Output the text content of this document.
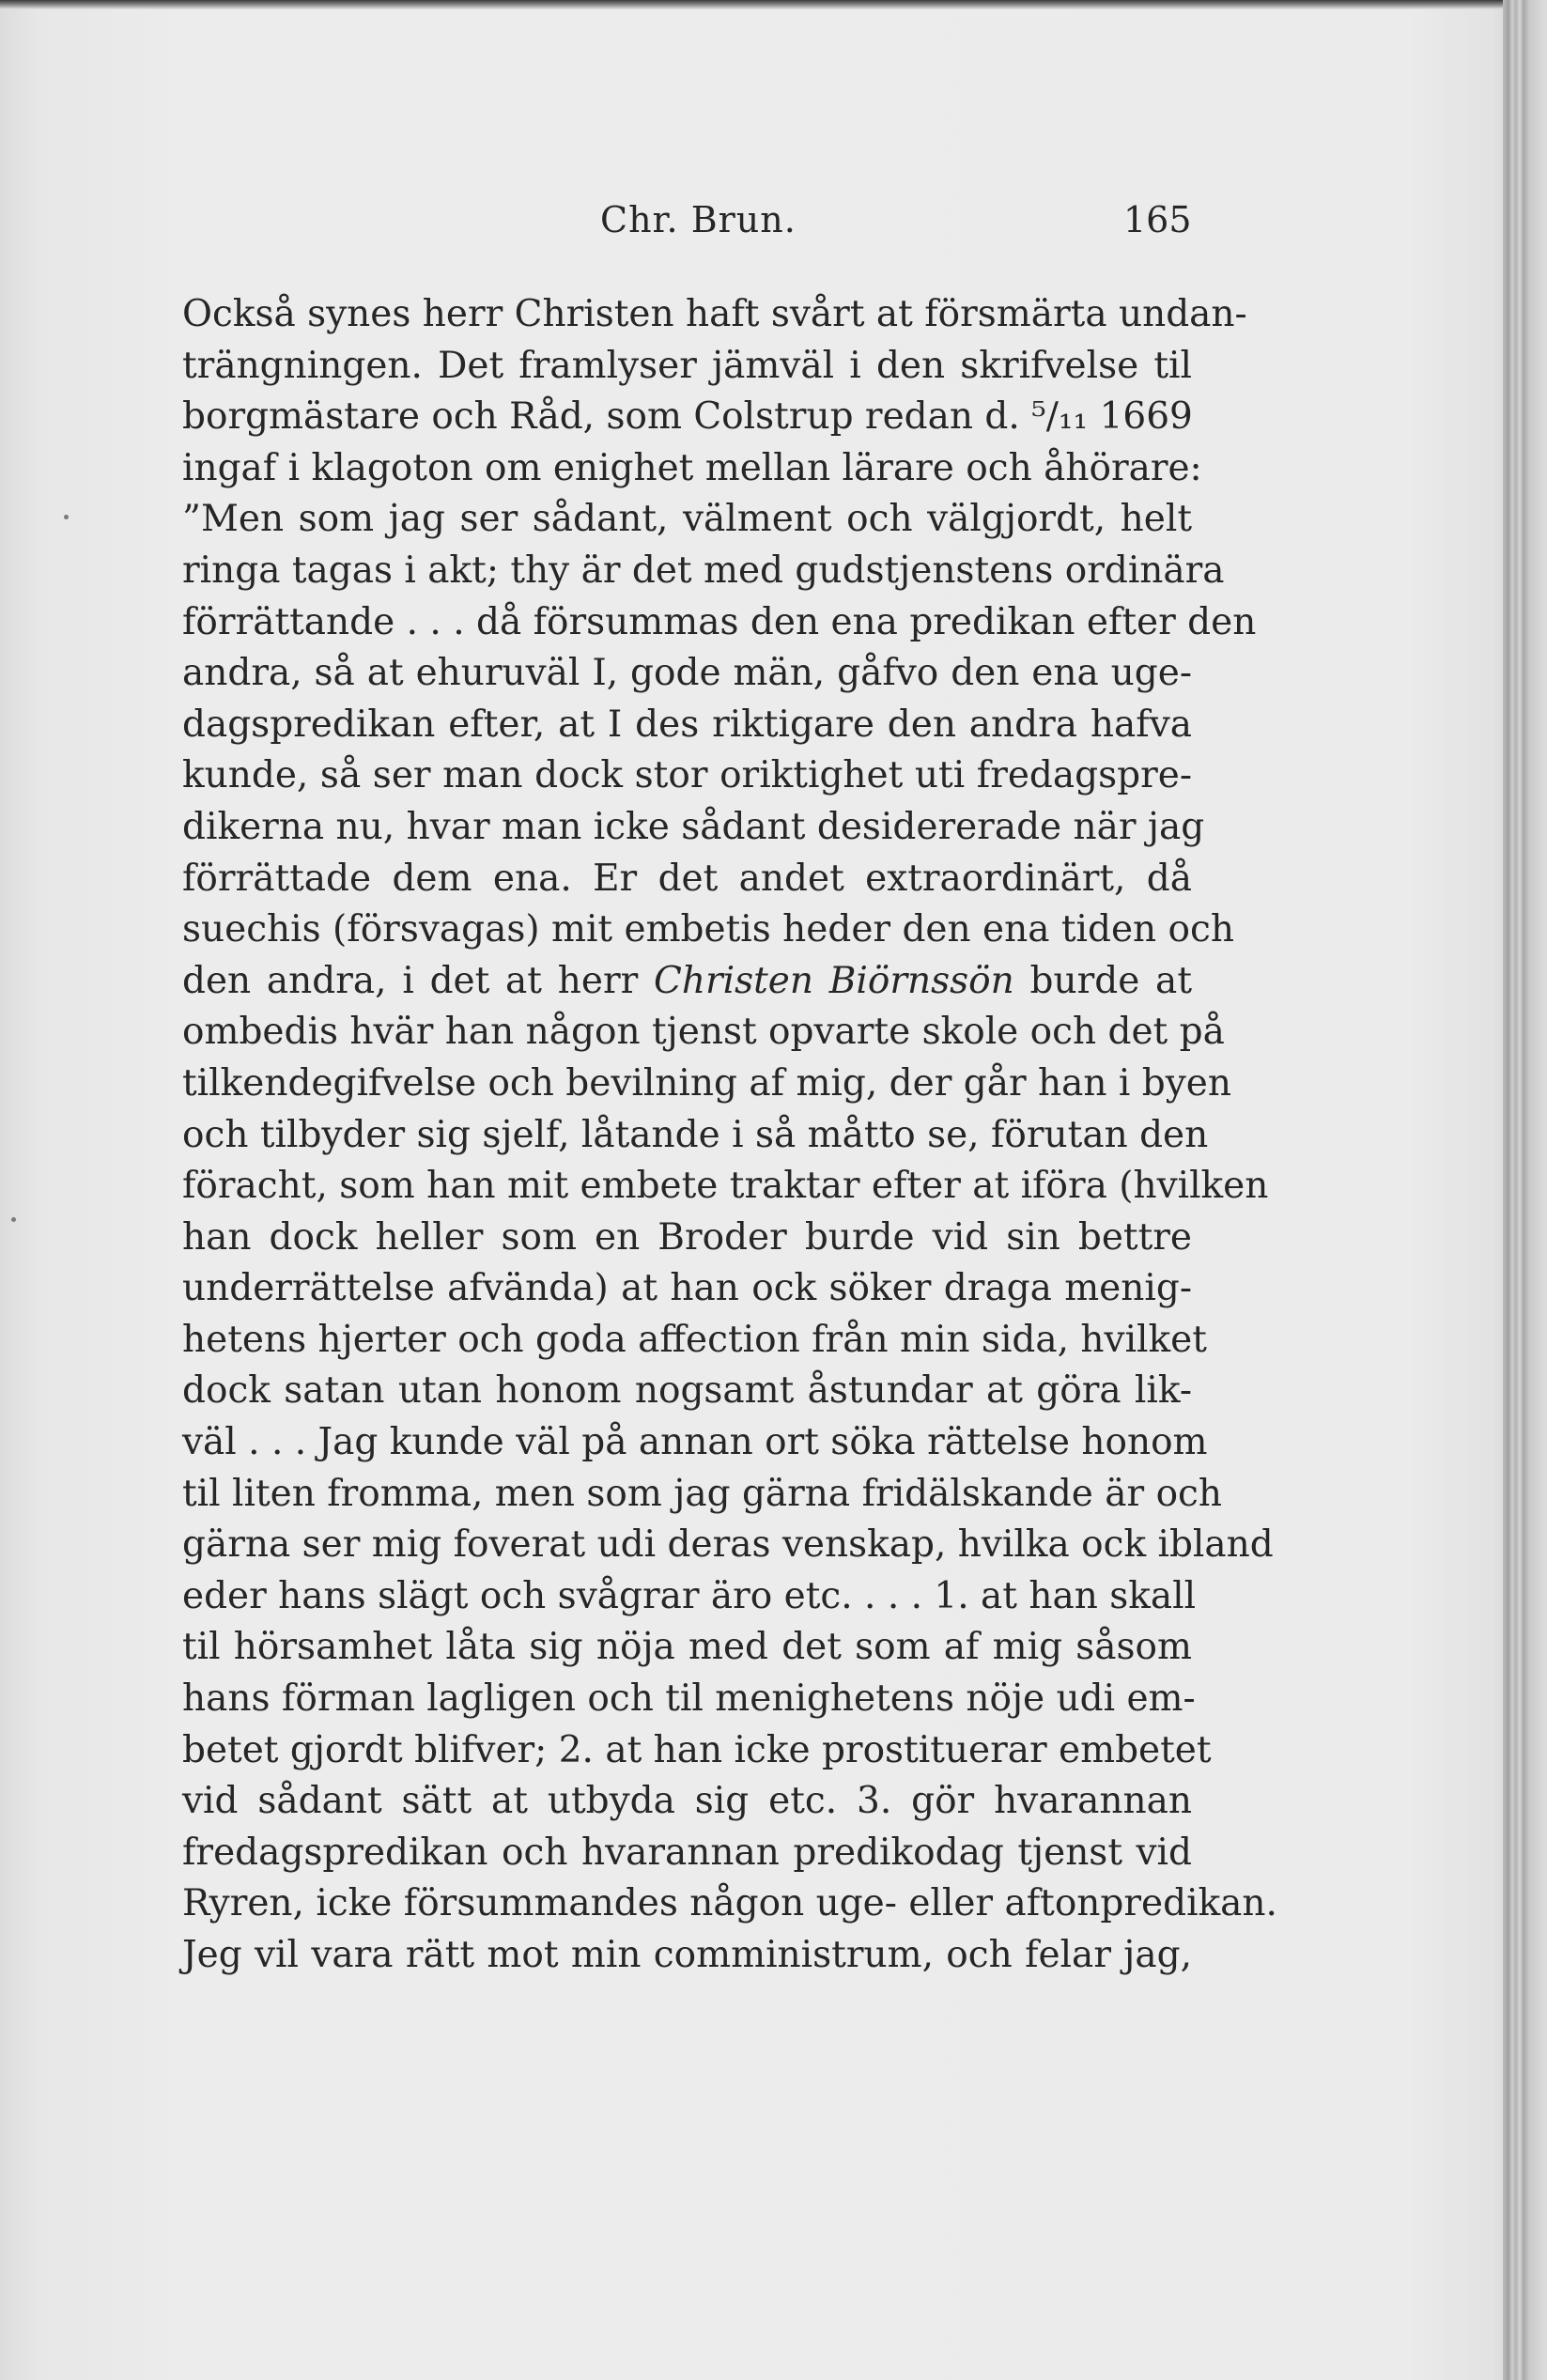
Chr. Brun.	165
Också synes herr Christen haft svårt at försmärta undan-
trängningen. Det framlyser jämväl i den skrifvelse til
borgmästare och Råd, som Colstrup redan d. ⁵/₁₁ 1669
ingaf i klagoton om enighet mellan lärare och åhörare:
”Men som jag ser sådant, välment och välgjordt, helt
ringa tagas i akt; thy är det med gudstjenstens ordinära
förrättande . . . då försummas den ena predikan efter den
andra, så at ehuruväl I, gode män, gåfvo den ena uge-
dagspredikan efter, at I des riktigare den andra hafva
kunde, så ser man dock stor oriktighet uti fredagspre-
dikerna nu, hvar man icke sådant desidererade när jag
förrättade dem ena. Er det andet extraordinärt, då
suechis (försvagas) mit embetis heder den ena tiden och
den andra, i det at herr Christen Biörnssön burde at
ombedis hvär han någon tjenst opvarte skole och det på
tilkendegifvelse och bevilning af mig, der går han i byen
och tilbyder sig sjelf, låtande i så måtto se, förutan den
föracht, som han mit embete traktar efter at iföra (hvilken
han dock heller som en Broder burde vid sin bettre
underrättelse afvända) at han ock söker draga menig-
hetens hjerter och goda affection från min sida, hvilket
dock satan utan honom nogsamt åstundar at göra lik-
väl . . . Jag kunde väl på annan ort söka rättelse honom
til liten fromma, men som jag gärna fridälskande är och
gärna ser mig foverat udi deras venskap, hvilka ock ibland
eder hans slägt och svågrar äro etc. . . . 1. at han skall
til hörsamhet låta sig nöja med det som af mig såsom
hans förman lagligen och til menighetens nöje udi em-
betet gjordt blifver; 2. at han icke prostituerar embetet
vid sådant sätt at utbyda sig etc. 3. gör hvarannan
fredagspredikan och hvarannan predikodag tjenst vid
Ryren, icke försummandes någon uge- eller aftonpredikan.
Jeg vil vara rätt mot min comministrum, och felar jag,
